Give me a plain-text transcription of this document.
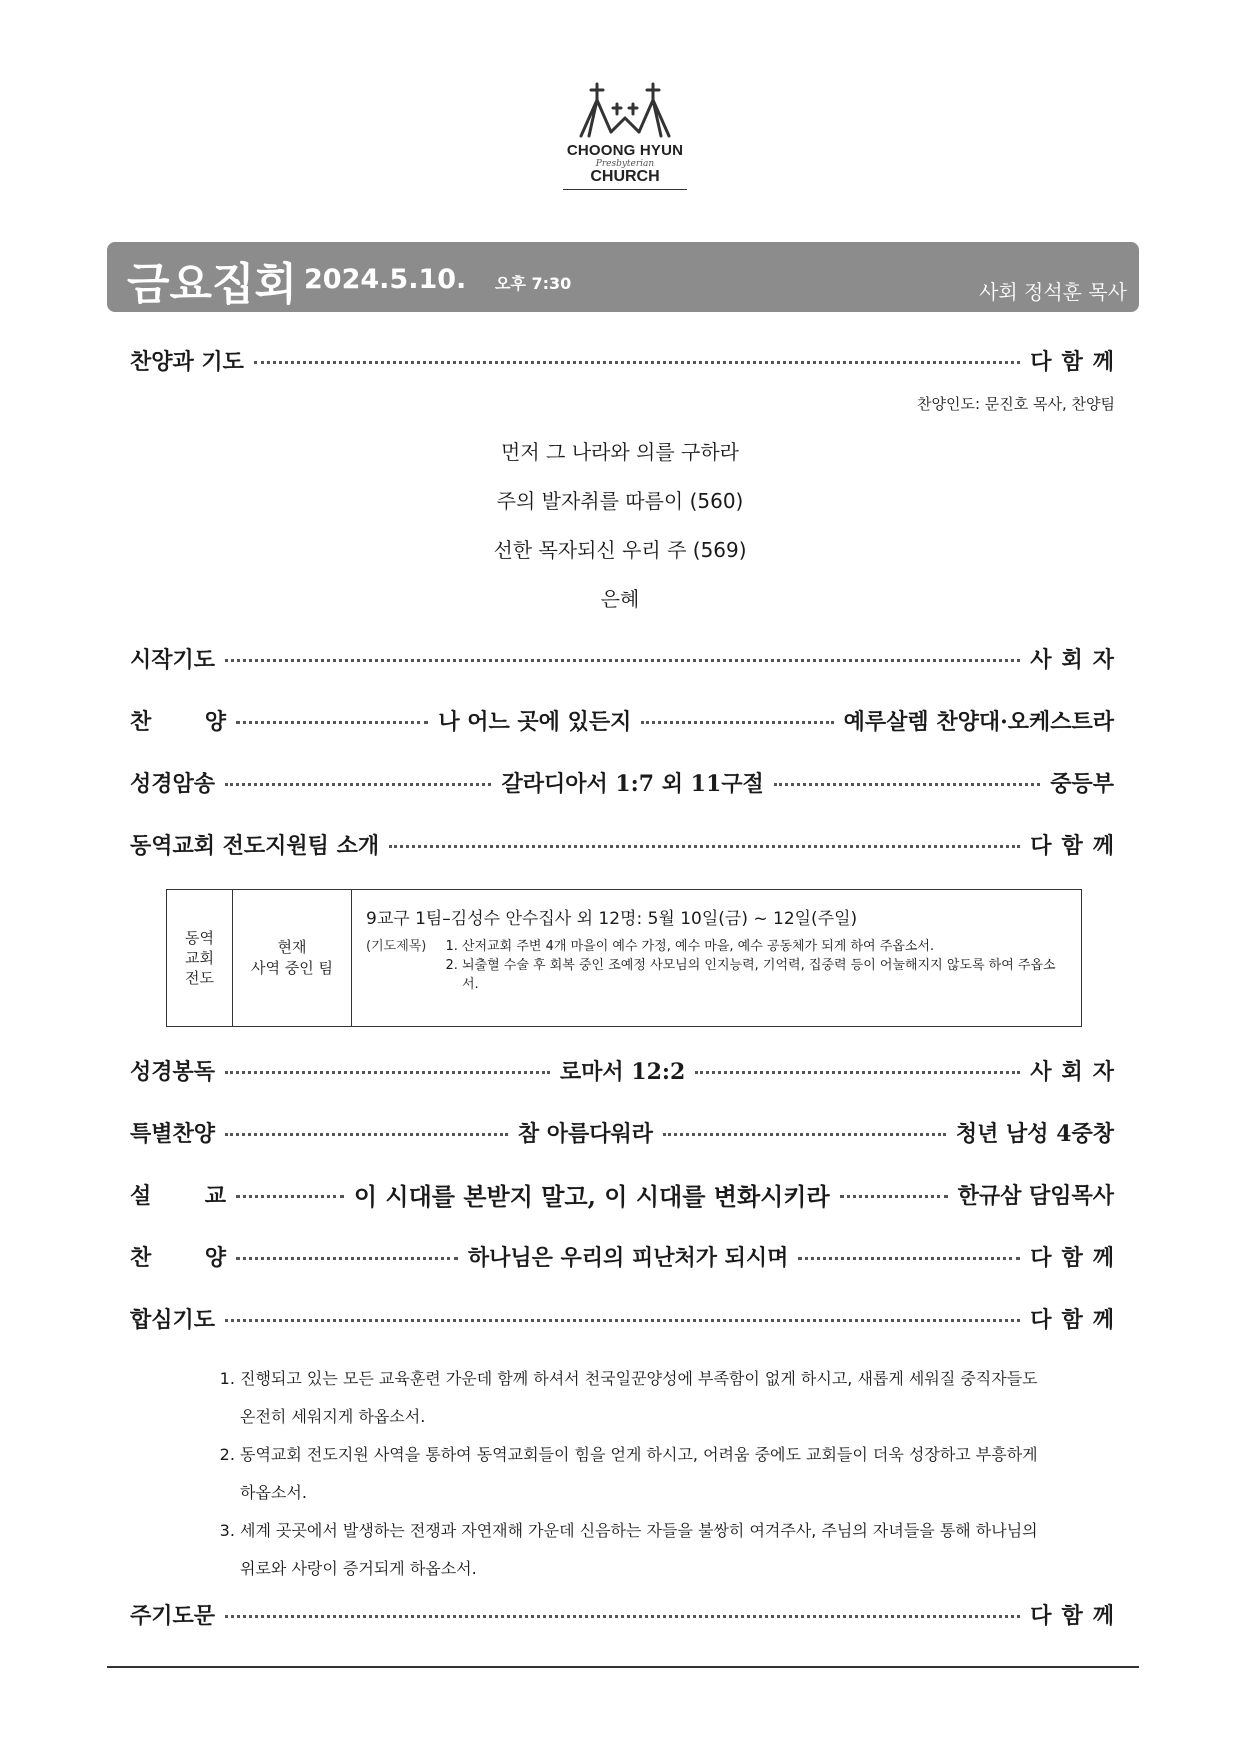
CHOONG HYUN
Presbyterian
CHURCH
금요집회 2024.5.10. 오후 7:30	사회 정석훈 목사
찬양과 기도	다함께
찬양인도: 문진호 목사, 찬양팀
먼저 그 나라와 의를 구하라
주의 발자취를 따름이 (560)
선한 목자되신 우리 주 (569)
은혜
시작기도	사회자
찬 양	나 어느 곳에 있든지	예루살렘 찬양대·오케스트라
성경암송	갈라디아서 1:7 외 11구절	중등부
동역교회 전도지원팀 소개	다함께
동역
교회
전도
현재
사역 중인 팀
9교구 1팀–김성수 안수집사 외 12명: 5월 10일(금) ~ 12일(주일)
(기도제목)
1.	산저교회 주변 4개 마을이 예수 가정, 예수 마을, 예수 공동체가 되게 하여 주옵소서.
2. 뇌출혈 수술 후 회복 중인 조예정 사모님의 인지능력, 기억력, 집중력 등이 어눌해지지 않도록 하여 주옵소서.
성경봉독	로마서 12:2	사회자
특별찬양	참 아름다워라	청년 남성 4중창
설 교	이 시대를 본받지 말고, 이 시대를 변화시키라	한규삼 담임목사
찬 양	하나님은 우리의 피난처가 되시며	다함께
합심기도	다함께
1. 진행되고 있는 모든 교육훈련 가운데 함께 하셔서 천국일꾼양성에 부족함이 없게 하시고, 새롭게 세워질 중직자들도 온전히 세워지게 하옵소서.
2. 동역교회 전도지원 사역을 통하여 동역교회들이 힘을 얻게 하시고, 어려움 중에도 교회들이 더욱 성장하고 부흥하게 하옵소서.
3. 세계 곳곳에서 발생하는 전쟁과 자연재해 가운데 신음하는 자들을 불쌍히 여겨주사, 주님의 자녀들을 통해 하나님의 위로와 사랑이 증거되게 하옵소서.
주기도문	다함께
